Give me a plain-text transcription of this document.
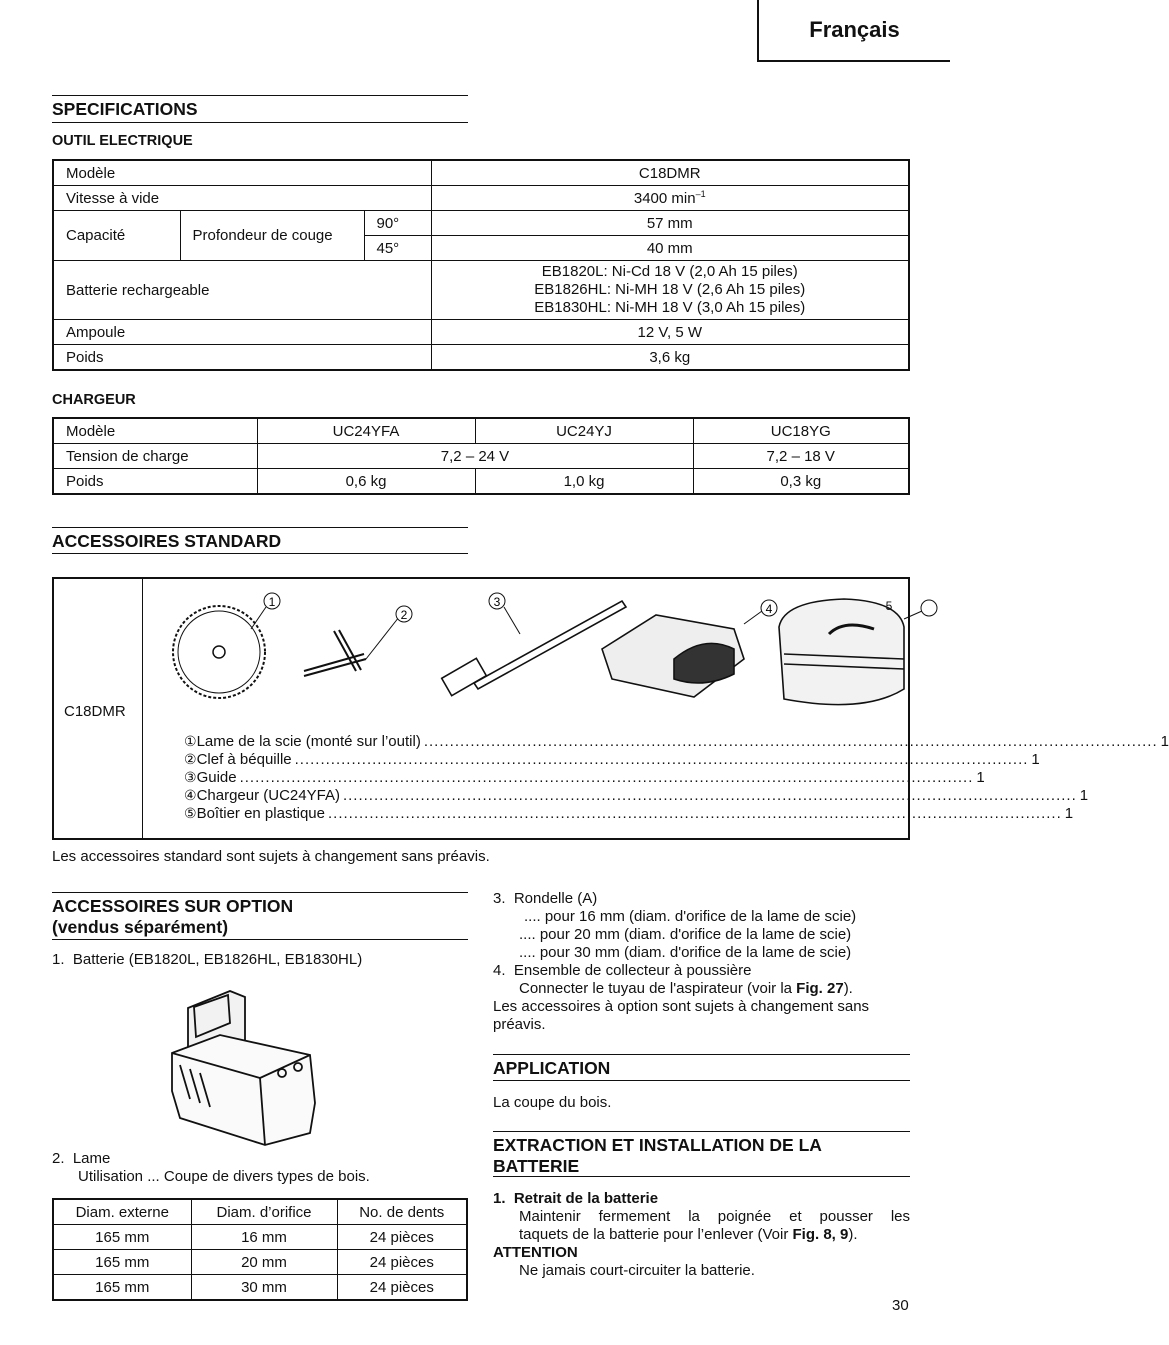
Français
SPECIFICATIONS
OUTIL ELECTRIQUE
Modèle			C18DMR
Vitesse à vide			3400 $\min^{-1}$
Capacité	Profondeur de couge	90°	57 mm
		45°	40 mm
Batterie rechargeable			EB1820L: Ni-Cd 18 V (2,0 Ah 15 piles)
EB1826HL: Ni-MH 18 V (2,6 Ah 15 piles)
EB1830HL: Ni-MH 18 V (3,0 Ah 15 piles)

Ampoule			12 V, 5 W
Poids			3,6 kg
CHARGEUR
Modèle	UC24YFA	UC24YJ	UC18YG
Tension de charge	7,2 – 24 V		7,2 – 18 V
Poids	0,6 kg	1,0 kg	0,3 kg
ACCESSOIRES STANDARD
C18DMR
1
2
3	4	5
① Lame de la scie (monté sur l’outil) .............................................................................................................................................. 1
② Clef à béquille .............................................................................................................................................. 1
③ Guide .............................................................................................................................................. 1
④ Chargeur (UC24YFA) .............................................................................................................................................. 1
⑤ Boîtier en plastique .............................................................................................................................................. 1
Les accessoires standard sont sujets à changement sans préavis.
ACCESSOIRES SUR OPTION
(vendus séparément)
1.  Batterie (EB1820L, EB1826HL, EB1830HL)
2.  Lame
Utilisation ... Coupe de divers types de bois.
Diam. externe	Diam. d’orifice	No. de dents
165 mm	16 mm	24 pièces
165 mm	20 mm	24 pièces
165 mm	30 mm	24 pièces
3.  Rondelle (A)
.... pour 16 mm (diam. d'orifice de la lame de scie)
.... pour 20 mm (diam. d'orifice de la lame de scie)
.... pour 30 mm (diam. d'orifice de la lame de scie)
4.  Ensemble de collecteur à poussière
Connecter le tuyau de l'aspirateur (voir la Fig. 27).
Les accessoires à option sont sujets à changement sans préavis.
APPLICATION
La coupe du bois.
EXTRACTION ET INSTALLATION DE LA
BATTERIE
1.  Retrait de la batterie
Maintenir fermement la poignée et pousser les
taquets de la batterie pour l’enlever (Voir Fig. 8, 9).
ATTENTION
Ne jamais court-circuiter la batterie.
30
